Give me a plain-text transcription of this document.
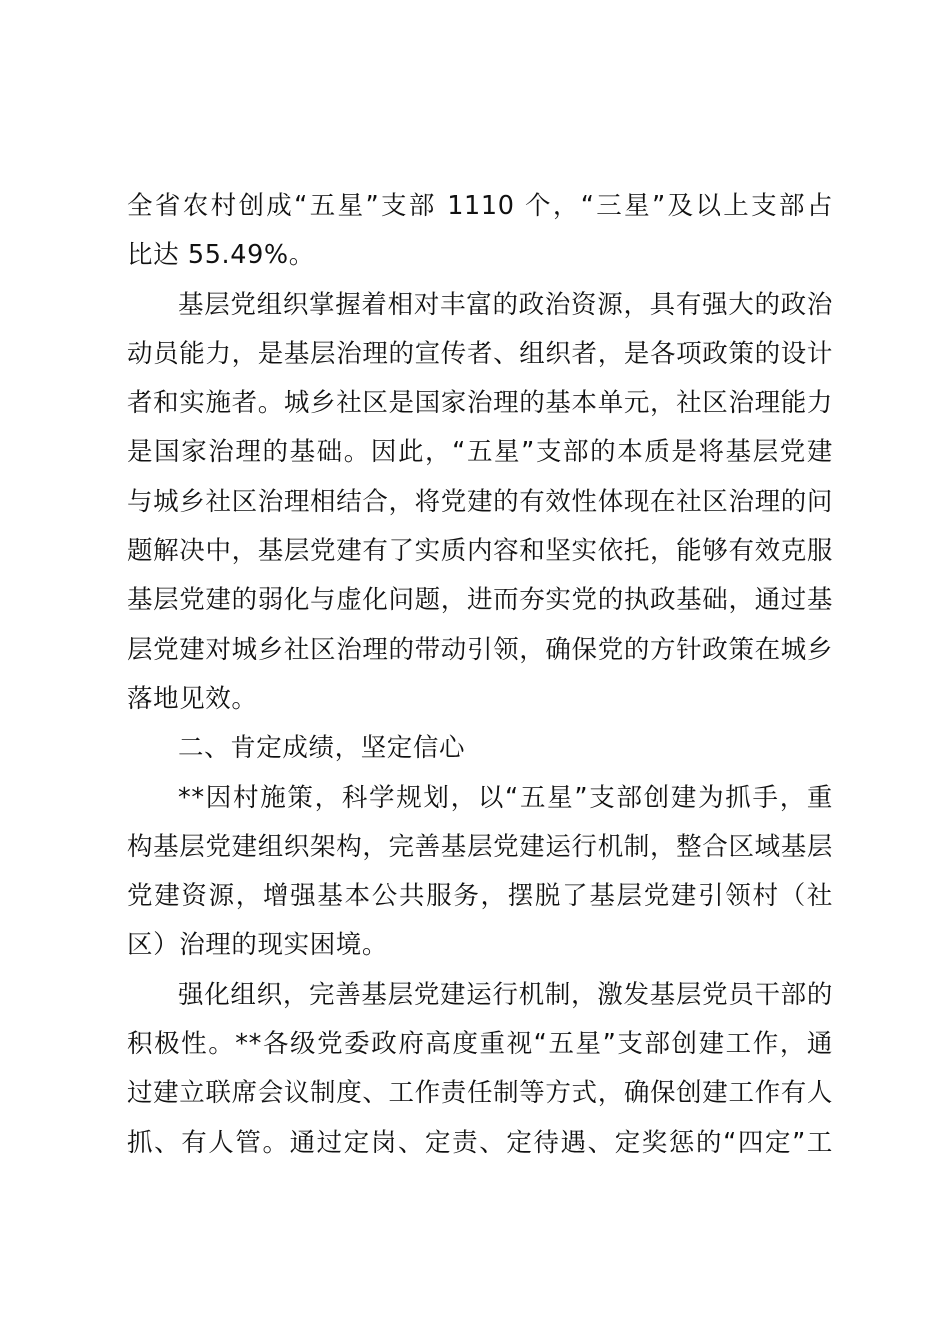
全省农村创成“五星”支部 1110 个，“三星”及以上支部占
比达 55.49%。
基层党组织掌握着相对丰富的政治资源，具有强大的政治
动员能力，是基层治理的宣传者、组织者，是各项政策的设计
者和实施者。城乡社区是国家治理的基本单元，社区治理能力
是国家治理的基础。因此，“五星”支部的本质是将基层党建
与城乡社区治理相结合，将党建的有效性体现在社区治理的问
题解决中，基层党建有了实质内容和坚实依托，能够有效克服
基层党建的弱化与虚化问题，进而夯实党的执政基础，通过基
层党建对城乡社区治理的带动引领，确保党的方针政策在城乡
落地见效。
二、肯定成绩，坚定信心
**因村施策，科学规划，以“五星”支部创建为抓手，重
构基层党建组织架构，完善基层党建运行机制，整合区域基层
党建资源，增强基本公共服务，摆脱了基层党建引领村（社
区）治理的现实困境。
强化组织，完善基层党建运行机制，激发基层党员干部的
积极性。**各级党委政府高度重视“五星”支部创建工作，通
过建立联席会议制度、工作责任制等方式，确保创建工作有人
抓、有人管。通过定岗、定责、定待遇、定奖惩的“四定”工
